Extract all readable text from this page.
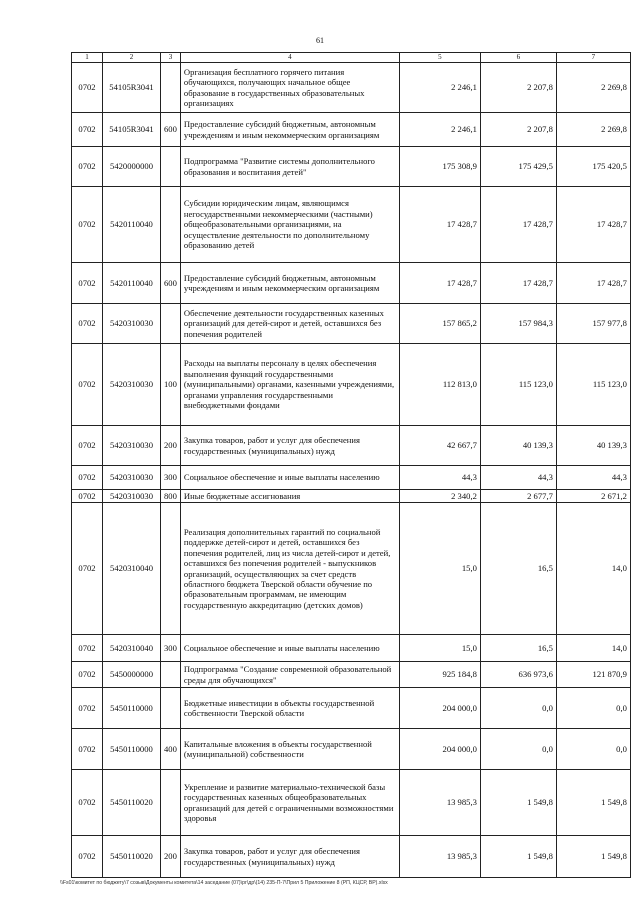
61
1	2	3	4	5	6	7
0702	54105R3041		Организация бесплатного горячего питания обучающихся, получающих начальное общее образование в государственных образовательных организациях	2 246,1	2 207,8	2 269,8
0702	54105R3041	600	Предоставление субсидий бюджетным, автономным учреждениям и иным некоммерческим организациям	2 246,1	2 207,8	2 269,8
0702	5420000000		Подпрограмма "Развитие системы дополнительного образования и воспитания детей"	175 308,9	175 429,5	175 420,5
0702	5420110040		Субсидии юридическим лицам, являющимся негосударственными некоммерческими (частными) общеобразовательными организациями, на осуществление деятельности по дополнительному образованию детей	17 428,7	17 428,7	17 428,7
0702	5420110040	600	Предоставление субсидий бюджетным, автономным учреждениям и иным некоммерческим организациям	17 428,7	17 428,7	17 428,7
0702	5420310030		Обеспечение деятельности государственных казенных организаций для детей-сирот и детей, оставшихся без попечения родителей	157 865,2	157 984,3	157 977,8
0702	5420310030	100	Расходы на выплаты персоналу в целях обеспечения выполнения функций государственными (муниципальными) органами, казенными учреждениями, органами управления государственными внебюджетными фондами	112 813,0	115 123,0	115 123,0
0702	5420310030	200	Закупка товаров, работ и услуг для обеспечения государственных (муниципальных) нужд	42 667,7	40 139,3	40 139,3
0702	5420310030	300	Социальное обеспечение и иные выплаты населению	44,3	44,3	44,3
0702	5420310030	800	Иные бюджетные ассигнования	2 340,2	2 677,7	2 671,2
0702	5420310040		Реализация дополнительных гарантий по социальной поддержке детей-сирот и детей, оставшихся без попечения родителей, лиц из числа детей-сирот и детей, оставшихся без попечения родителей - выпускников организаций, осуществляющих за счет средств областного бюджета Тверской области обучение по образовательным программам, не имеющим государственную аккредитацию (детских домов)	15,0	16,5	14,0
0702	5420310040	300	Социальное обеспечение и иные выплаты населению	15,0	16,5	14,0
0702	5450000000		Подпрограмма "Создание современной образовательной среды для обучающихся"	925 184,8	636 973,6	121 870,9
0702	5450110000		Бюджетные инвестиции в объекты государственной собственности Тверской области	204 000,0	0,0	0,0
0702	5450110000	400	Капитальные вложения в объекты государственной (муниципальной) собственности	204 000,0	0,0	0,0
0702	5450110020		Укрепление и развитие материально-технической базы государственных казенных общеобразовательных организаций для детей с ограниченными возможностями здоровья	13 985,3	1 549,8	1 549,8
0702	5450110020	200	Закупка товаров, работ и услуг для обеспечения государственных (муниципальных) нужд	13 985,3	1 549,8	1 549,8
\\Fs01\комитет по бюджету\7 созыв\Документы комитета\14 заседание (07)\рг\др\(14) 235-П-7\Прил 5 Приложение 8 (РП, КЦСР, ВР).xlsx
